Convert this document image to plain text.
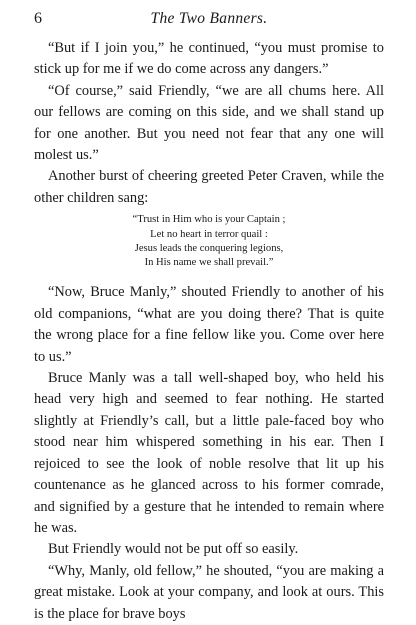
6	The Two Banners.

“But if I join you,” he continued, “you must promise to stick up for me if we do come across any dangers.”

“Of course,” said Friendly, “we are all chums here. All our fellows are coming on this side, and we shall stand up for one another. But you need not fear that any one will molest us.”

Another burst of cheering greeted Peter Craven, while the other children sang:

“Trust in Him who is your Captain ;
Let no heart in terror quail :
Jesus leads the conquering legions,
In His name we shall prevail.”

“Now, Bruce Manly,” shouted Friendly to another of his old companions, “what are you doing there? That is quite the wrong place for a fine fellow like you. Come over here to us.”

Bruce Manly was a tall well-shaped boy, who held his head very high and seemed to fear nothing. He started slightly at Friendly’s call, but a little pale-faced boy who stood near him whispered something in his ear. Then I rejoiced to see the look of noble resolve that lit up his countenance as he glanced across to his former comrade, and signified by a gesture that he intended to remain where he was.

But Friendly would not be put off so easily.

“Why, Manly, old fellow,” he shouted, “you are making a great mistake. Look at your company, and look at ours. This is the place for brave boys
